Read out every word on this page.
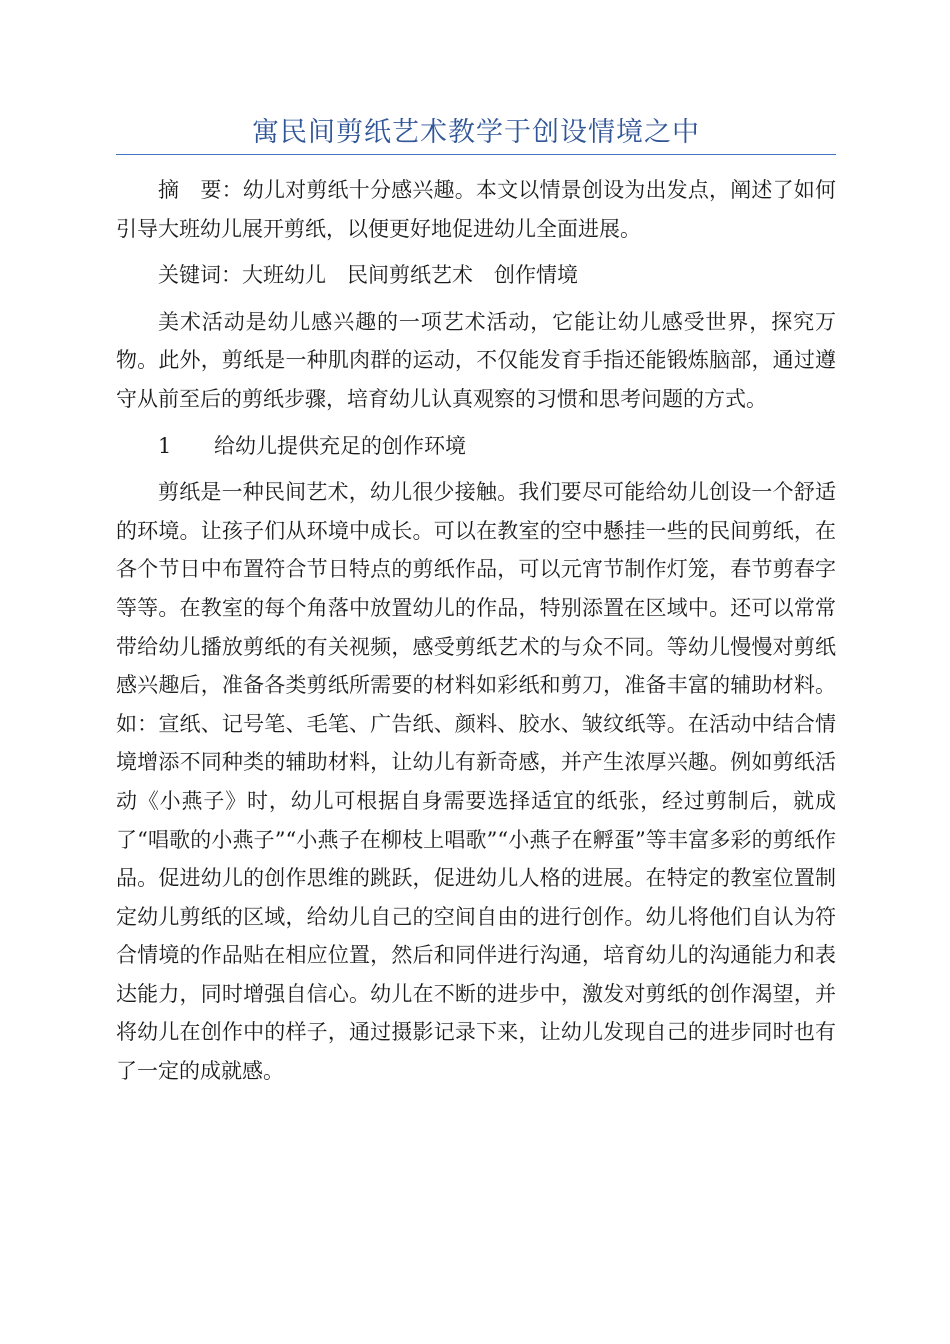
寓民间剪纸艺术教学于创设情境之中

摘　要：幼儿对剪纸十分感兴趣。本文以情景创设为出发点，阐述了如何引导大班幼儿展开剪纸，以便更好地促进幼儿全面进展。

关键词：大班幼儿　民间剪纸艺术　创作情境

美术活动是幼儿感兴趣的一项艺术活动，它能让幼儿感受世界，探究万物。此外，剪纸是一种肌肉群的运动，不仅能发育手指还能锻炼脑部，通过遵守从前至后的剪纸步骤，培育幼儿认真观察的习惯和思考问题的方式。

1 给幼儿提供充足的创作环境

剪纸是一种民间艺术，幼儿很少接触。我们要尽可能给幼儿创设一个舒适的环境。让孩子们从环境中成长。可以在教室的空中懸挂一些的民间剪纸，在各个节日中布置符合节日特点的剪纸作品，可以元宵节制作灯笼，春节剪春字等等。在教室的每个角落中放置幼儿的作品，特别添置在区域中。还可以常常带给幼儿播放剪纸的有关视频，感受剪纸艺术的与众不同。等幼儿慢慢对剪纸感兴趣后，准备各类剪纸所需要的材料如彩纸和剪刀，准备丰富的辅助材料。如：宣纸、记号笔、毛笔、广告纸、颜料、胶水、皱纹纸等。在活动中结合情境增添不同种类的辅助材料，让幼儿有新奇感，并产生浓厚兴趣。例如剪纸活动《小燕子》时，幼儿可根据自身需要选择适宜的纸张，经过剪制后，就成了“唱歌的小燕子”“小燕子在柳枝上唱歌”“小燕子在孵蛋”等丰富多彩的剪纸作品。促进幼儿的创作思维的跳跃，促进幼儿人格的进展。在特定的教室位置制定幼儿剪纸的区域，给幼儿自己的空间自由的进行创作。幼儿将他们自认为符合情境的作品贴在相应位置，然后和同伴进行沟通，培育幼儿的沟通能力和表达能力，同时增强自信心。幼儿在不断的进步中，激发对剪纸的创作渴望，并将幼儿在创作中的样子，通过摄影记录下来，让幼儿发现自己的进步同时也有了一定的成就感。
